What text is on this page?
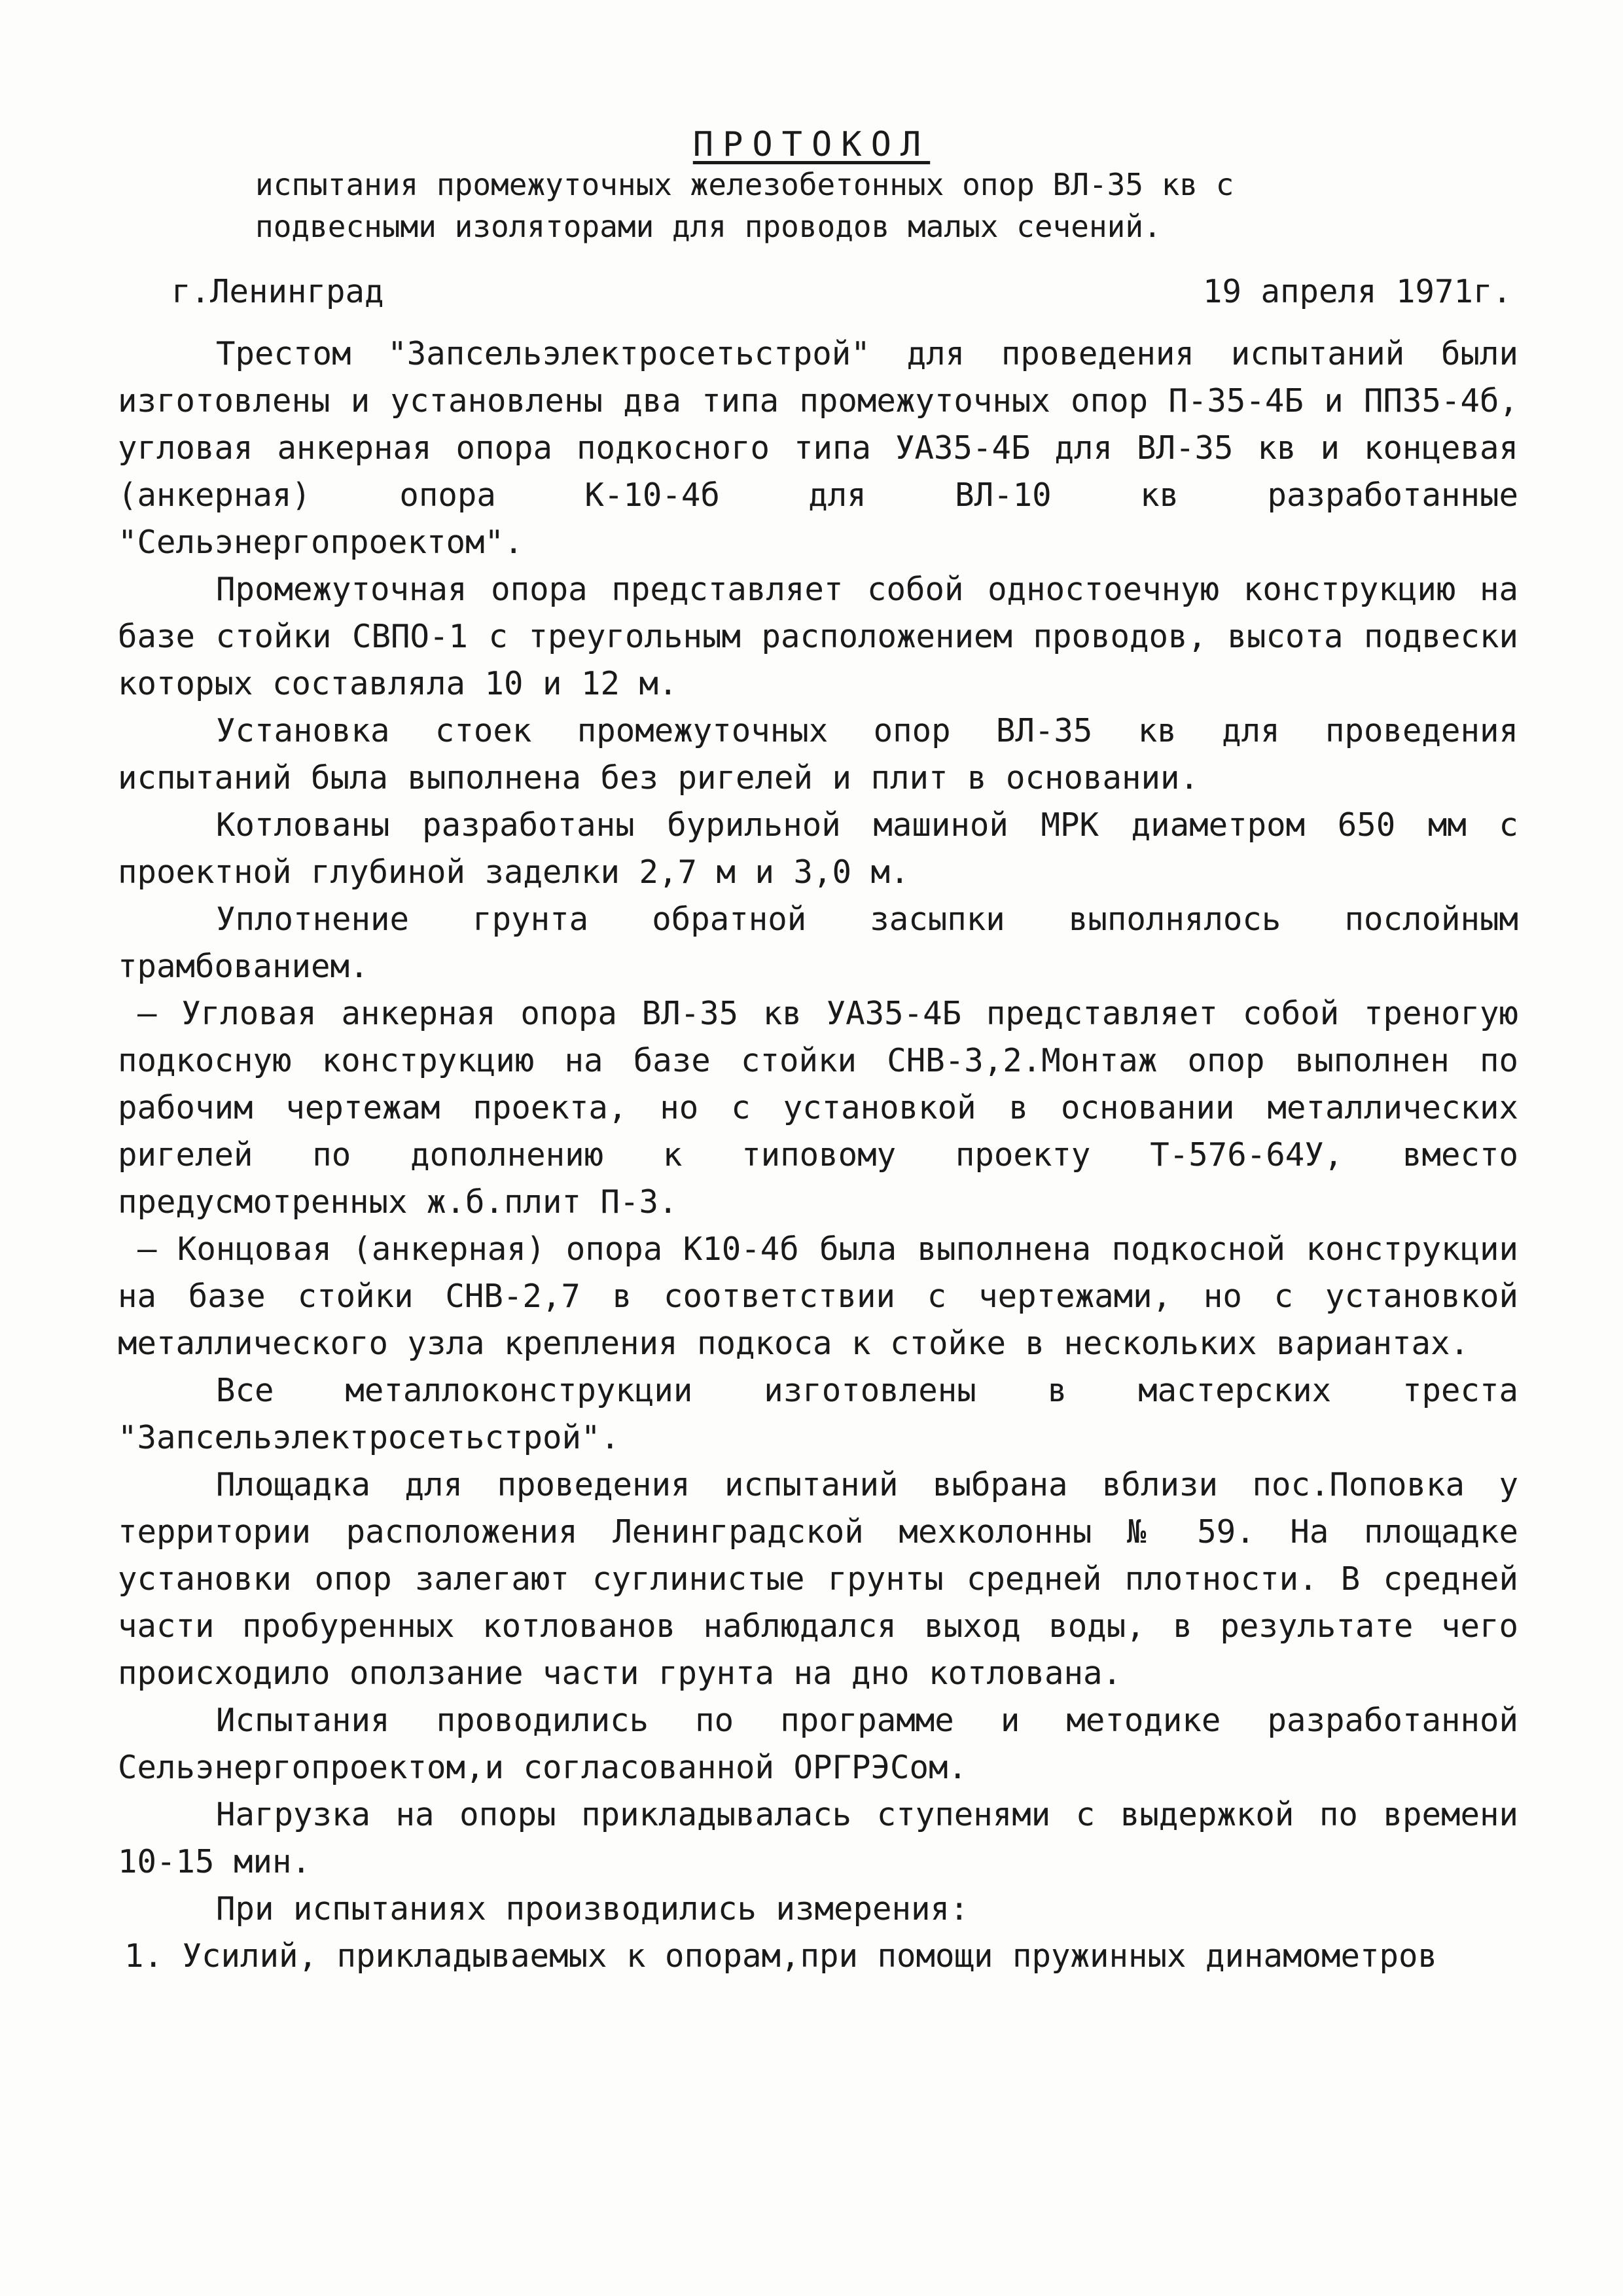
ПРОТОКОЛ
испытания промежуточных железобетонных опор ВЛ-35 кв с
подвесными изоляторами для проводов малых сечений.
г.Ленинград	19 апреля 1971г.

Трестом "Запсельэлектросетьстрой" для проведения испытаний были изготовлены и установлены два типа промежуточных опор П-35-4Б и ПП35-4б, угловая анкерная опора подкосного типа УА35-4Б для ВЛ-35 кв и концевая (анкерная) опора К-10-4б для ВЛ-10 кв разработанные "Сельэнергопроектом".

Промежуточная опора представляет собой одностоечную конструкцию на базе стойки СВПО-1 с треугольным расположением проводов, высота подвески которых составляла 10 и 12 м.

Установка стоек промежуточных опор ВЛ-35 кв для проведения испытаний была выполнена без ригелей и плит в основании.

Котлованы разработаны бурильной машиной МРК диаметром 650 мм с проектной глубиной заделки 2,7 м и 3,0 м.

Уплотнение грунта обратной засыпки выполнялось послойным трамбованием.

— Угловая анкерная опора ВЛ-35 кв УА35-4Б представляет собой треногую подкосную конструкцию на базе стойки СНВ-3,2.Монтаж опор выполнен по рабочим чертежам проекта, но с установкой в основании металлических ригелей по дополнению к типовому проекту Т-576-64У, вместо предусмотренных ж.б.плит П-3.

— Концовая (анкерная) опора К10-4б была выполнена подкосной конструкции на базе стойки СНВ-2,7 в соответствии с чертежами, но с установкой металлического узла крепления подкоса к стойке в нескольких вариантах.

Все металлоконструкции изготовлены в мастерских треста "Запсельэлектросетьстрой".

Площадка для проведения испытаний выбрана вблизи пос.Поповка у территории расположения Ленинградской мехколонны № 59. На площадке установки опор залегают суглинистые грунты средней плотности. В средней части пробуренных котлованов наблюдался выход воды, в результате чего происходило оползание части грунта на дно котлована.

Испытания проводились по программе и методике разработанной Сельэнергопроектом,и согласованной ОРГРЭСом.

Нагрузка на опоры прикладывалась ступенями с выдержкой по времени 10-15 мин.

При испытаниях производились измерения:

1. Усилий, прикладываемых к опорам,при помощи пружинных динамометров
